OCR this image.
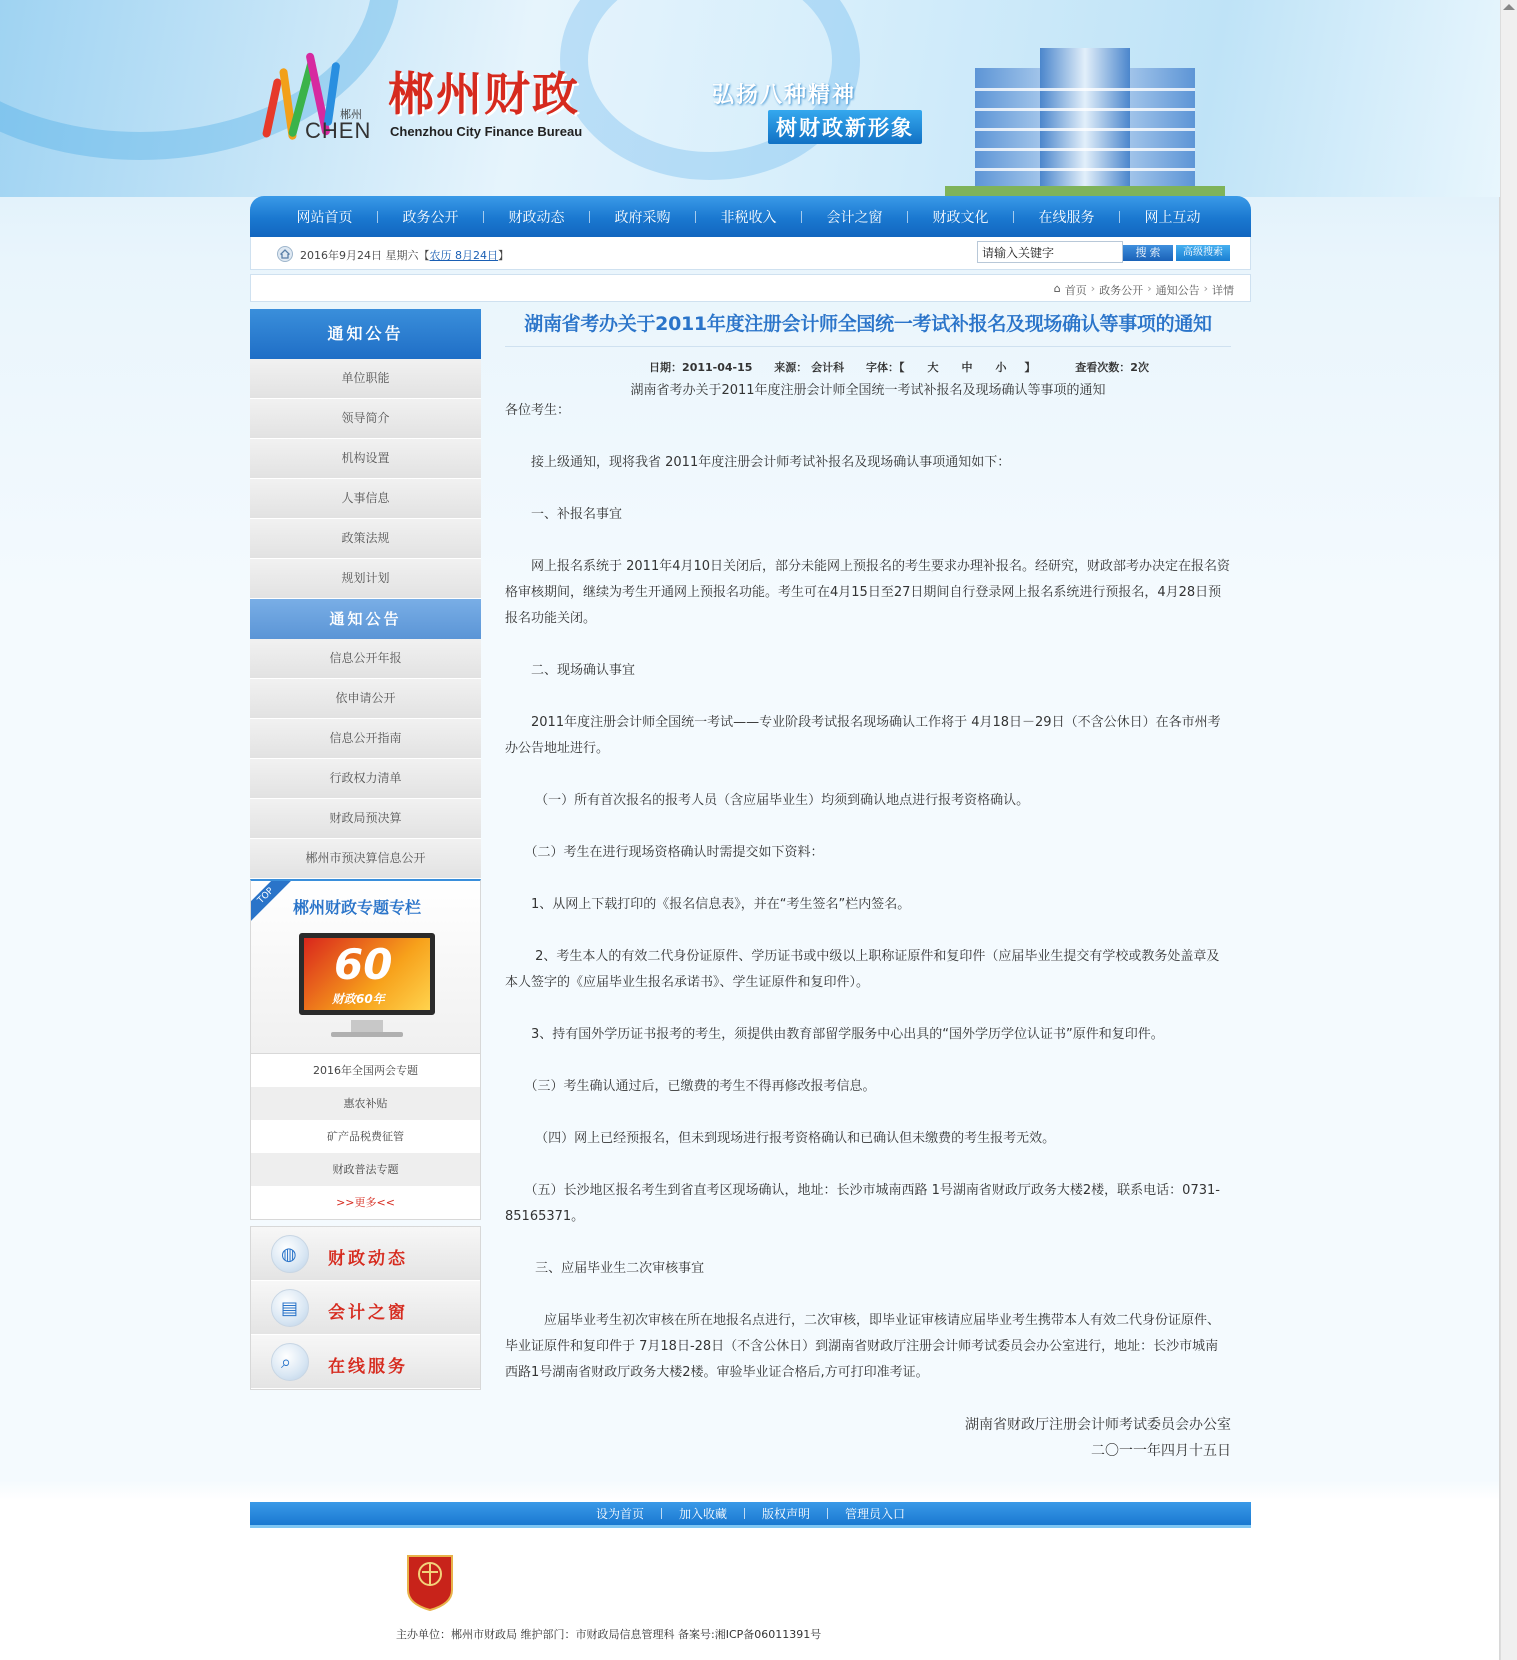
郴州
CHEN
郴州财政
Chenzhou City Finance Bureau
弘扬八种精神
树财政新形象
网站首页	政务公开	财政动态	政府采购	非税收入	会计之窗	财政文化	在线服务	网上互动
2016年9月24日 星期六【农历 8月24日】
请输入关键字	搜 索	高级搜索
⌂ 首页 › 政务公开 › 通知公告 › 详情
通知公告
单位职能
领导简介
机构设置
人事信息
政策法规
规划计划
通知公告
信息公开年报
依申请公开
信息公开指南
行政权力清单
财政局预决算
郴州市预决算信息公开
TOP
郴州财政专题专栏
60
财政60年
2016年全国两会专题
惠农补贴
矿产品税费征管
财政普法专题
>>更多<<
◍ 财政动态
▤ 会计之窗
⌕ 在线服务
湖南省考办关于2011年度注册会计师全国统一考试补报名及现场确认等事项的通知
日期：2011-04-15 来源： 会计科 字体：【 大 中 小 】	查看次数：2次
湖南省考办关于2011年度注册会计师全国统一考试补报名及现场确认等事项的通知

各位考生：

　　接上级通知，现将我省 2011年度注册会计师考试补报名及现场确认事项通知如下：

　　一、补报名事宜

　　网上报名系统于 2011年4月10日关闭后，部分未能网上预报名的考生要求办理补报名。经研究，财政部考办决定在报名资格审核期间，继续为考生开通网上预报名功能。考生可在4月15日至27日期间自行登录网上报名系统进行预报名，4月28日预报名功能关闭。

　　二、现场确认事宜

　　2011年度注册会计师全国统一考试——专业阶段考试报名现场确认工作将于 4月18日－29日（不含公休日）在各市州考办公告地址进行。

　　 （一）所有首次报名的报考人员（含应届毕业生）均须到确认地点进行报考资格确认。

　　（二）考生在进行现场资格确认时需提交如下资料：

　　1、从网上下载打印的《报名信息表》，并在“考生签名”栏内签名。

　　 2、考生本人的有效二代身份证原件、学历证书或中级以上职称证原件和复印件（应届毕业生提交有学校或教务处盖章及本人签字的《应届毕业生报名承诺书》、学生证原件和复印件）。

　　3、持有国外学历证书报考的考生，须提供由教育部留学服务中心出具的“国外学历学位认证书”原件和复印件。

　　（三）考生确认通过后，已缴费的考生不得再修改报考信息。

　　 （四）网上已经预报名，但未到现场进行报考资格确认和已确认但未缴费的考生报考无效。

　　（五）长沙地区报名考生到省直考区现场确认，地址：长沙市城南西路 1号湖南省财政厅政务大楼2楼，联系电话：0731-85165371。

　　 三、应届毕业生二次审核事宜

　　　应届毕业考生初次审核在所在地报名点进行，二次审核，即毕业证审核请应届毕业考生携带本人有效二代身份证原件、毕业证原件和复印件于 7月18日-28日（不含公休日）到湖南省财政厅注册会计师考试委员会办公室进行，地址：长沙市城南西路1号湖南省财政厅政务大楼2楼。审验毕业证合格后,方可打印准考证。

湖南省财政厅注册会计师考试委员会办公室
二〇一一年四月十五日
设为首页	加入收藏	版权声明	管理员入口
主办单位：郴州市财政局 维护部门：市财政局信息管理科 备案号:湘ICP备06011391号
